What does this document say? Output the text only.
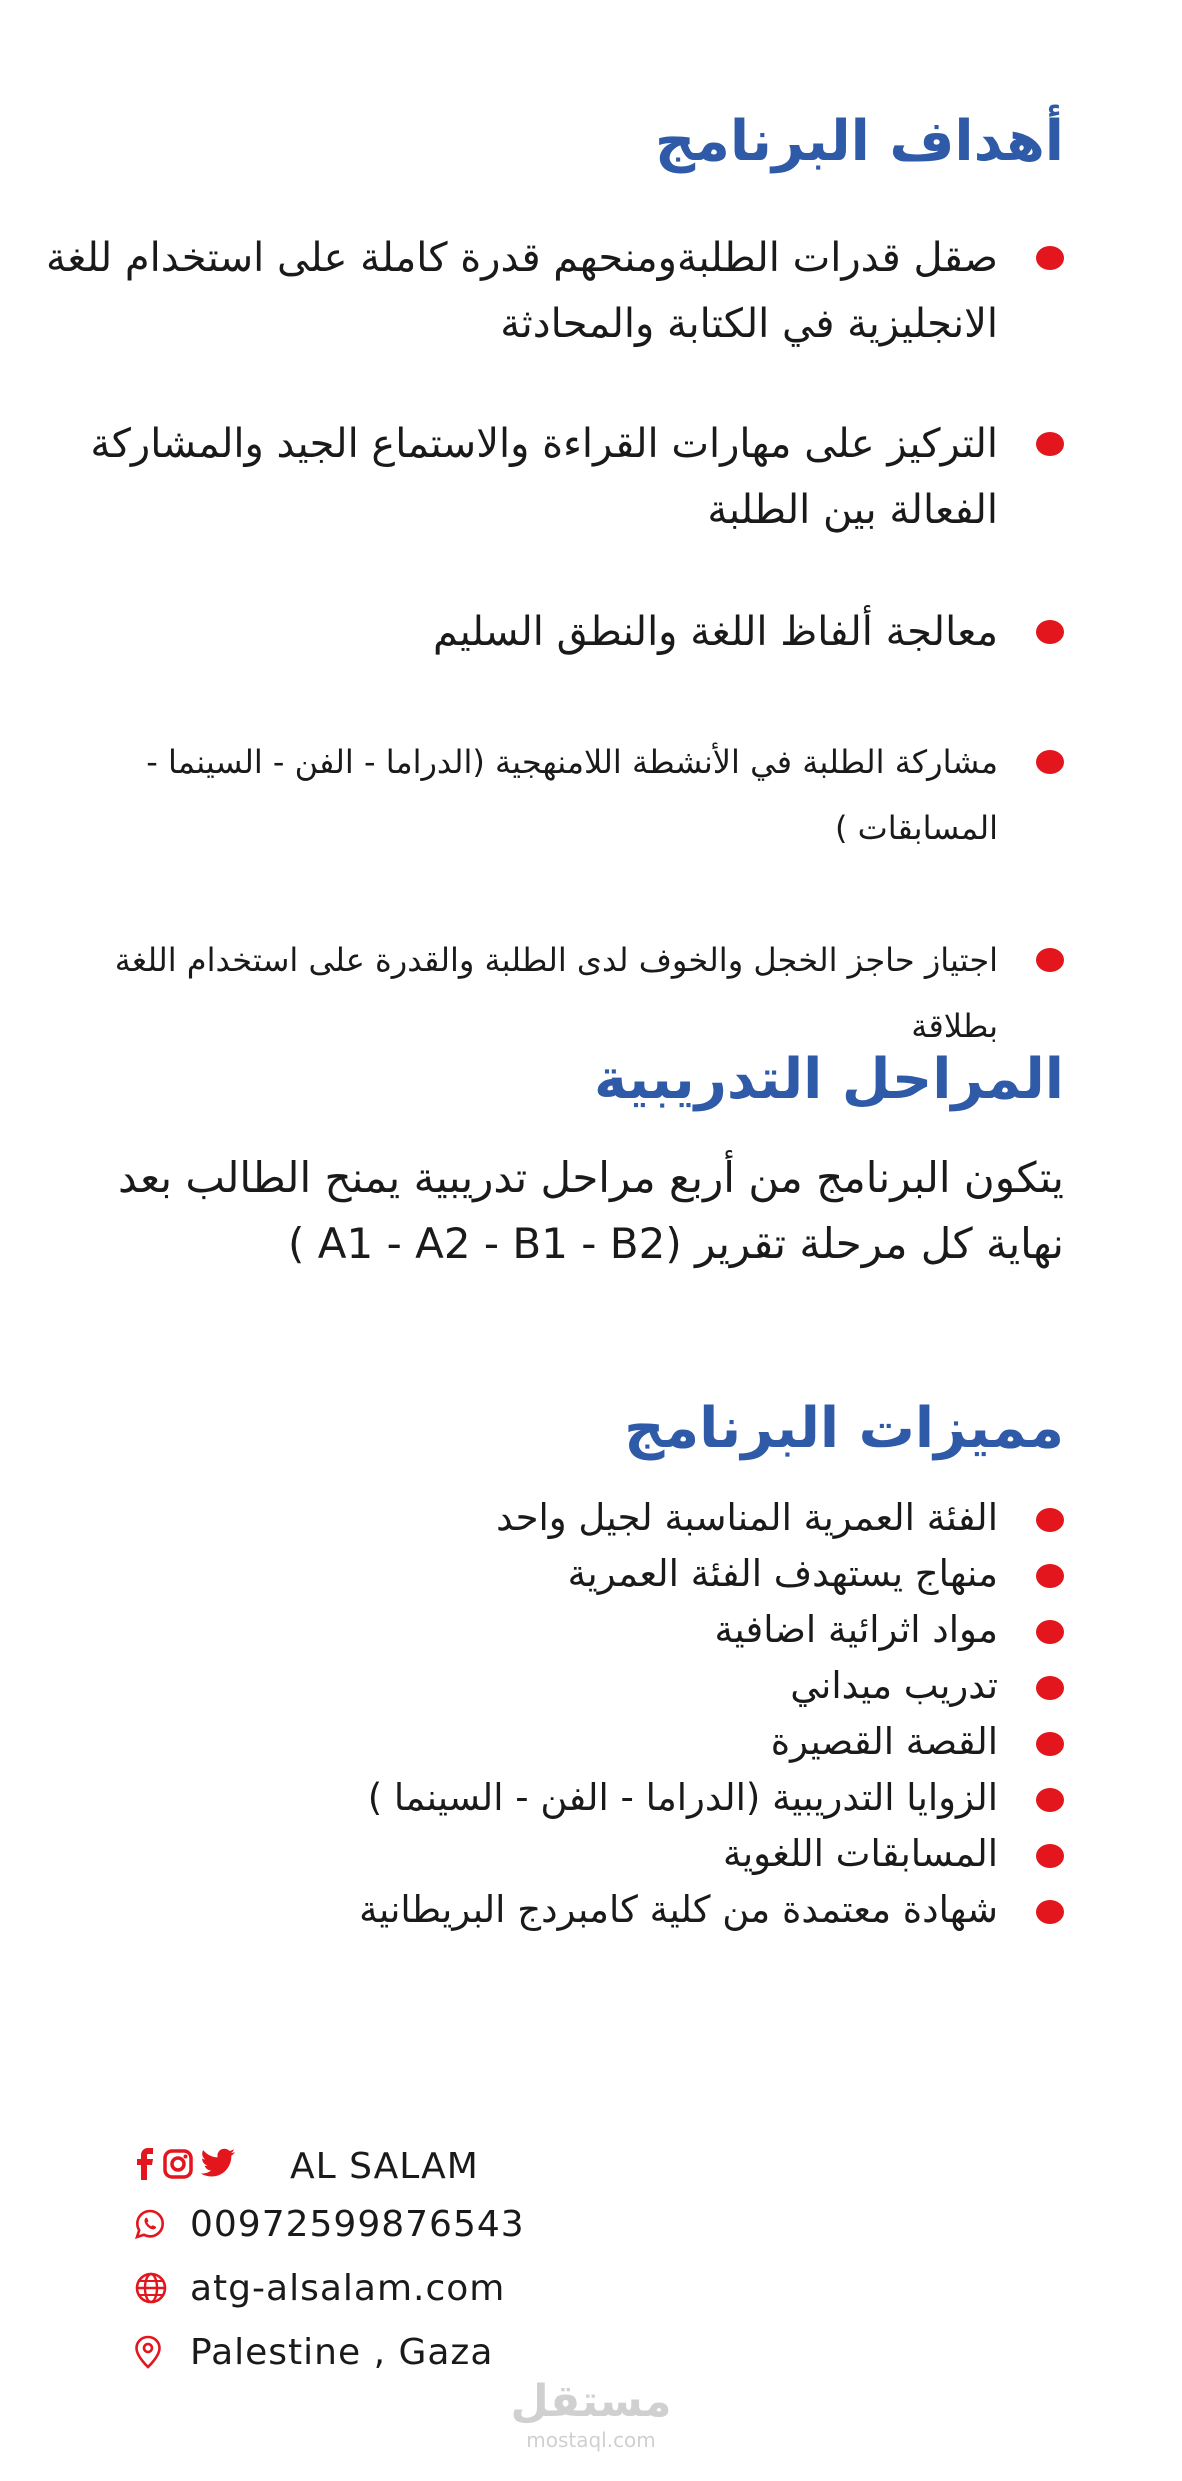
أهداف البرنامج
صقل قدرات الطلبةومنحهم قدرة كاملة على استخدام للغة الانجليزية في الكتابة والمحادثة
التركيز على مهارات القراءة والاستماع الجيد والمشاركة الفعالة بين الطلبة
معالجة ألفاظ اللغة والنطق السليم
مشاركة الطلبة في الأنشطة اللامنهجية (الدراما - الفن - السينما - المسابقات )
اجتياز حاجز الخجل والخوف لدى الطلبة والقدرة على استخدام اللغة بطلاقة
المراحل التدريبية

يتكون البرنامج من أربع مراحل تدريبية يمنح الطالب بعد نهاية كل مرحلة تقرير (A1 - A2 - B1 - B2 )

مميزات البرنامج
الفئة العمرية المناسبة لجيل واحد
منهاج يستهدف الفئة العمرية
مواد اثرائية اضافية
تدريب ميداني
القصة القصيرة
الزوايا التدريبية (الدراما - الفن - السينما )
المسابقات اللغوية
شهادة معتمدة من كلية كامبردج البريطانية
AL SALAM
00972599876543
atg-alsalam.com
Palestine , Gaza
مستقل
mostaql.com
